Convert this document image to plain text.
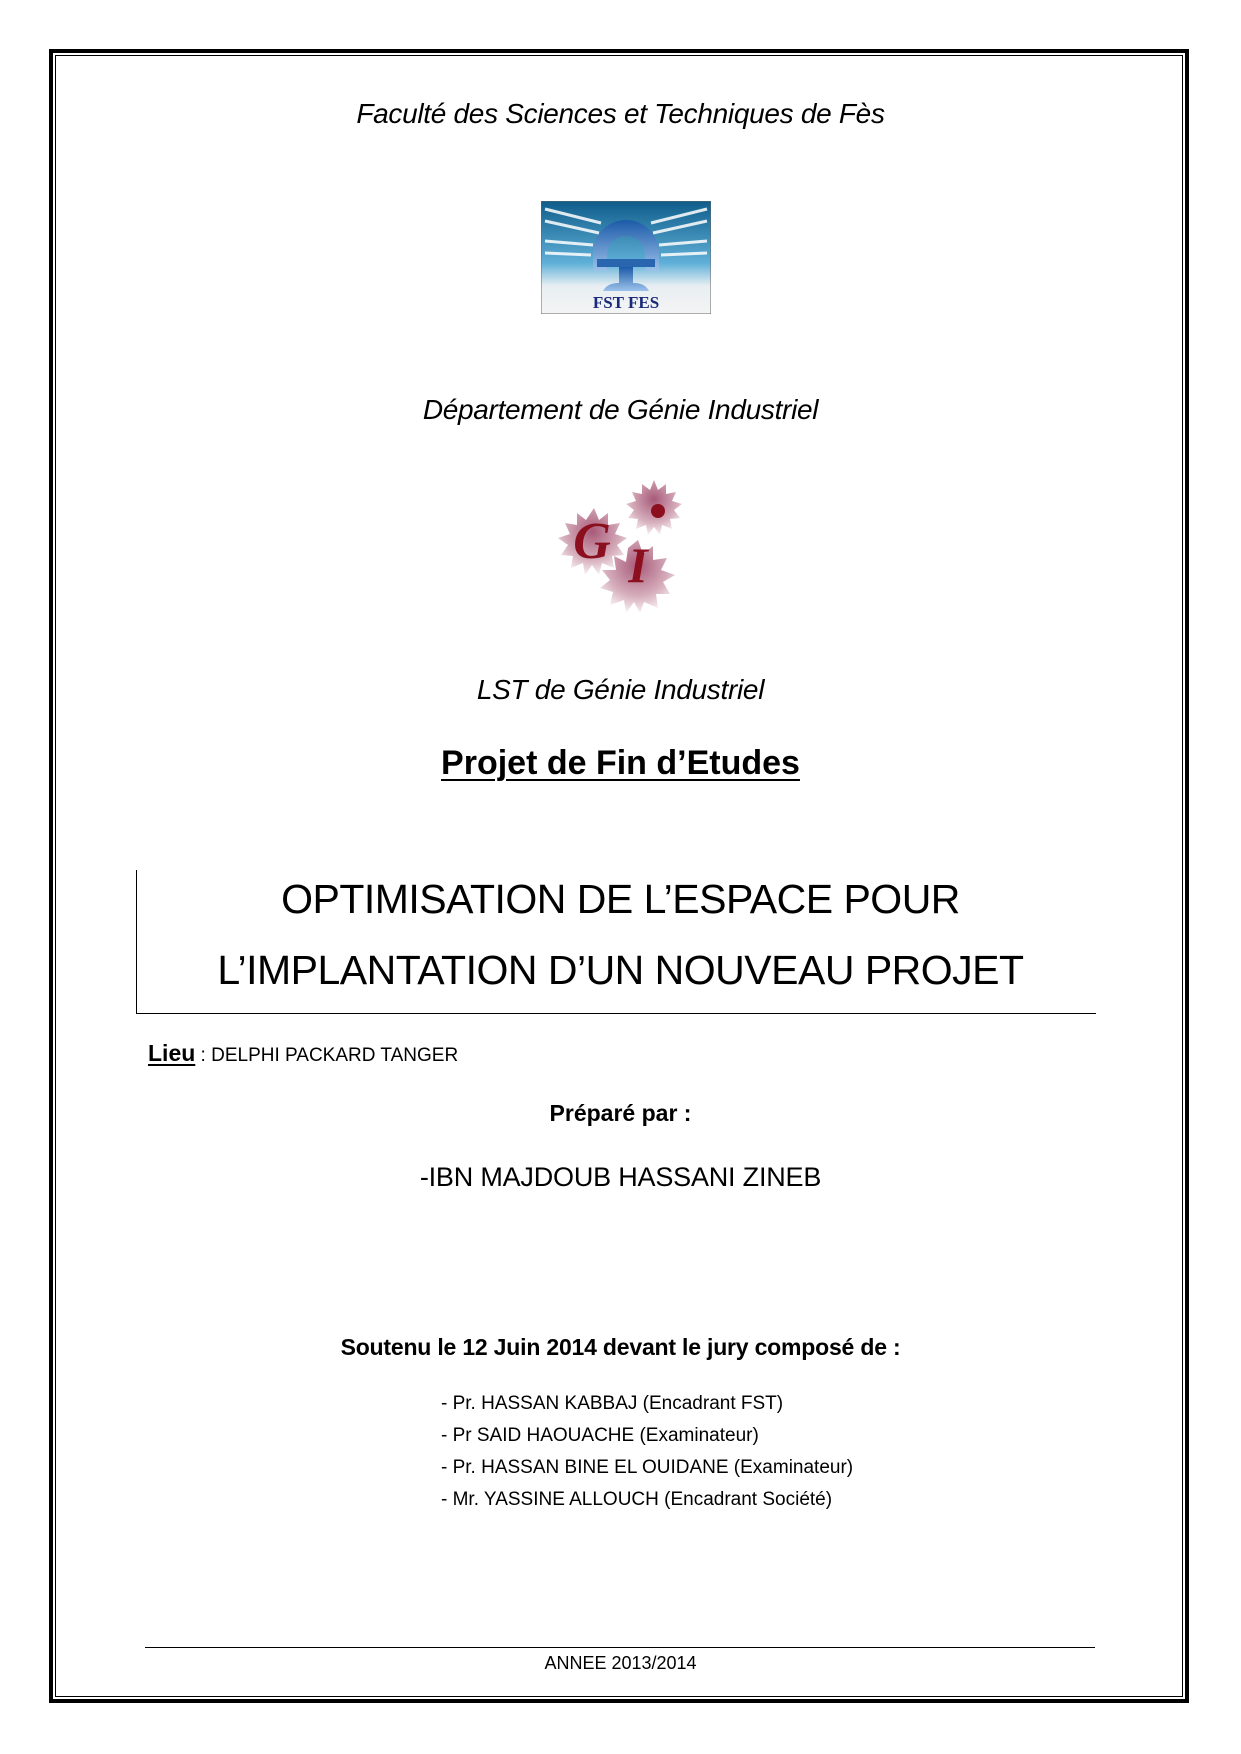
Faculté des Sciences et Techniques de Fès
FST FES
Département de Génie Industriel
G I
LST de Génie Industriel
Projet de Fin d’Etudes
OPTIMISATION DE L’ESPACE POUR
L’IMPLANTATION D’UN NOUVEAU PROJET
Lieu : DELPHI PACKARD TANGER
Préparé par :
-IBN MAJDOUB HASSANI ZINEB
Soutenu le 12 Juin 2014 devant le jury composé de :
- Pr. HASSAN KABBAJ (Encadrant FST)
- Pr SAID HAOUACHE (Examinateur)
- Pr. HASSAN BINE EL OUIDANE (Examinateur)
- Mr. YASSINE ALLOUCH (Encadrant Société)
ANNEE 2013/2014
